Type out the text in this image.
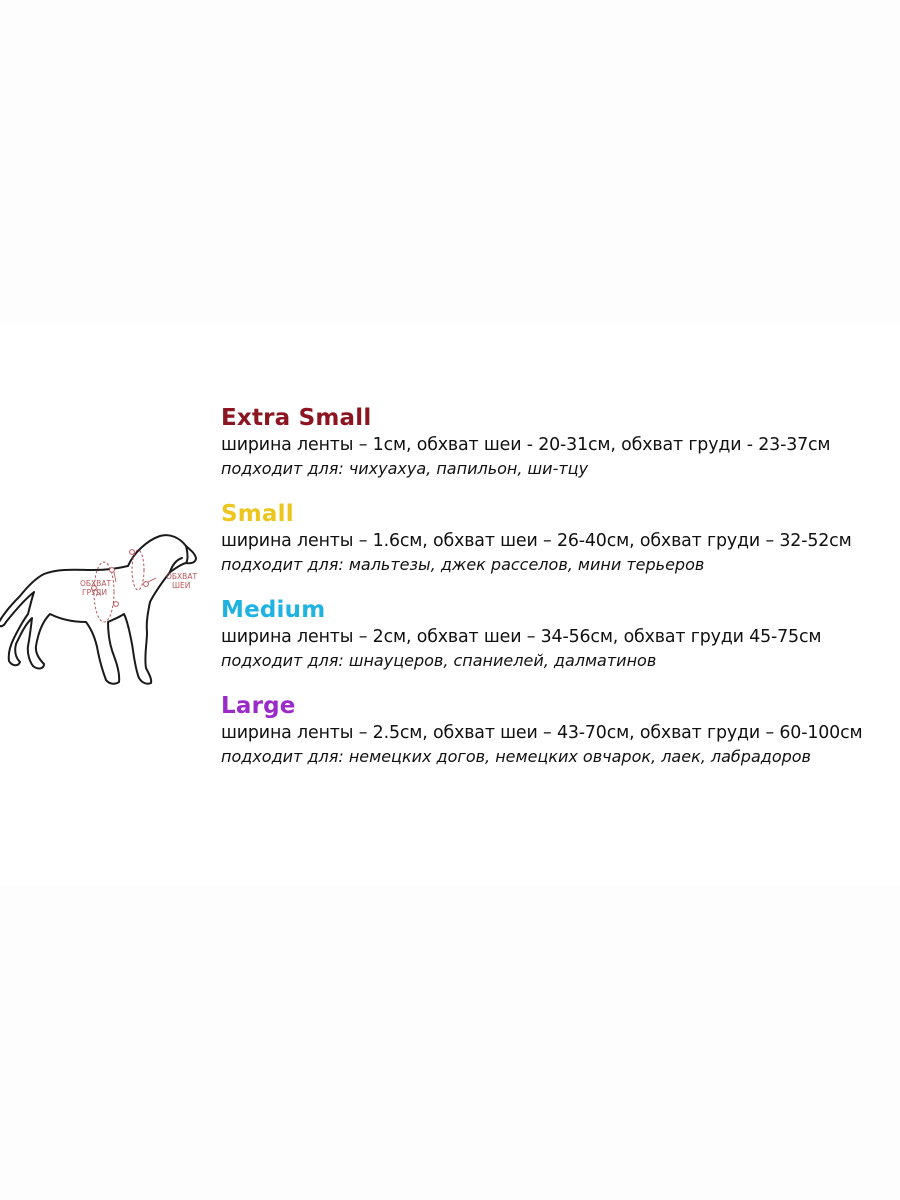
ОБХВАТ
ГРУДИ
ОБХВАТ
ШЕИ
Extra Small
ширина ленты – 1см, обхват шеи - 20-31см, обхват груди - 23-37см
подходит для: чихуахуа, папильон, ши-тцу
Small
ширина ленты – 1.6см, обхват шеи – 26-40см, обхват груди – 32-52см
подходит для: мальтезы, джек расселов, мини терьеров
Medium
ширина ленты – 2см, обхват шеи – 34-56см, обхват груди 45-75см
подходит для: шнауцеров, спаниелей, далматинов
Large
ширина ленты – 2.5см, обхват шеи – 43-70см, обхват груди – 60-100см
подходит для: немецких догов, немецких овчарок, лаек, лабрадоров
